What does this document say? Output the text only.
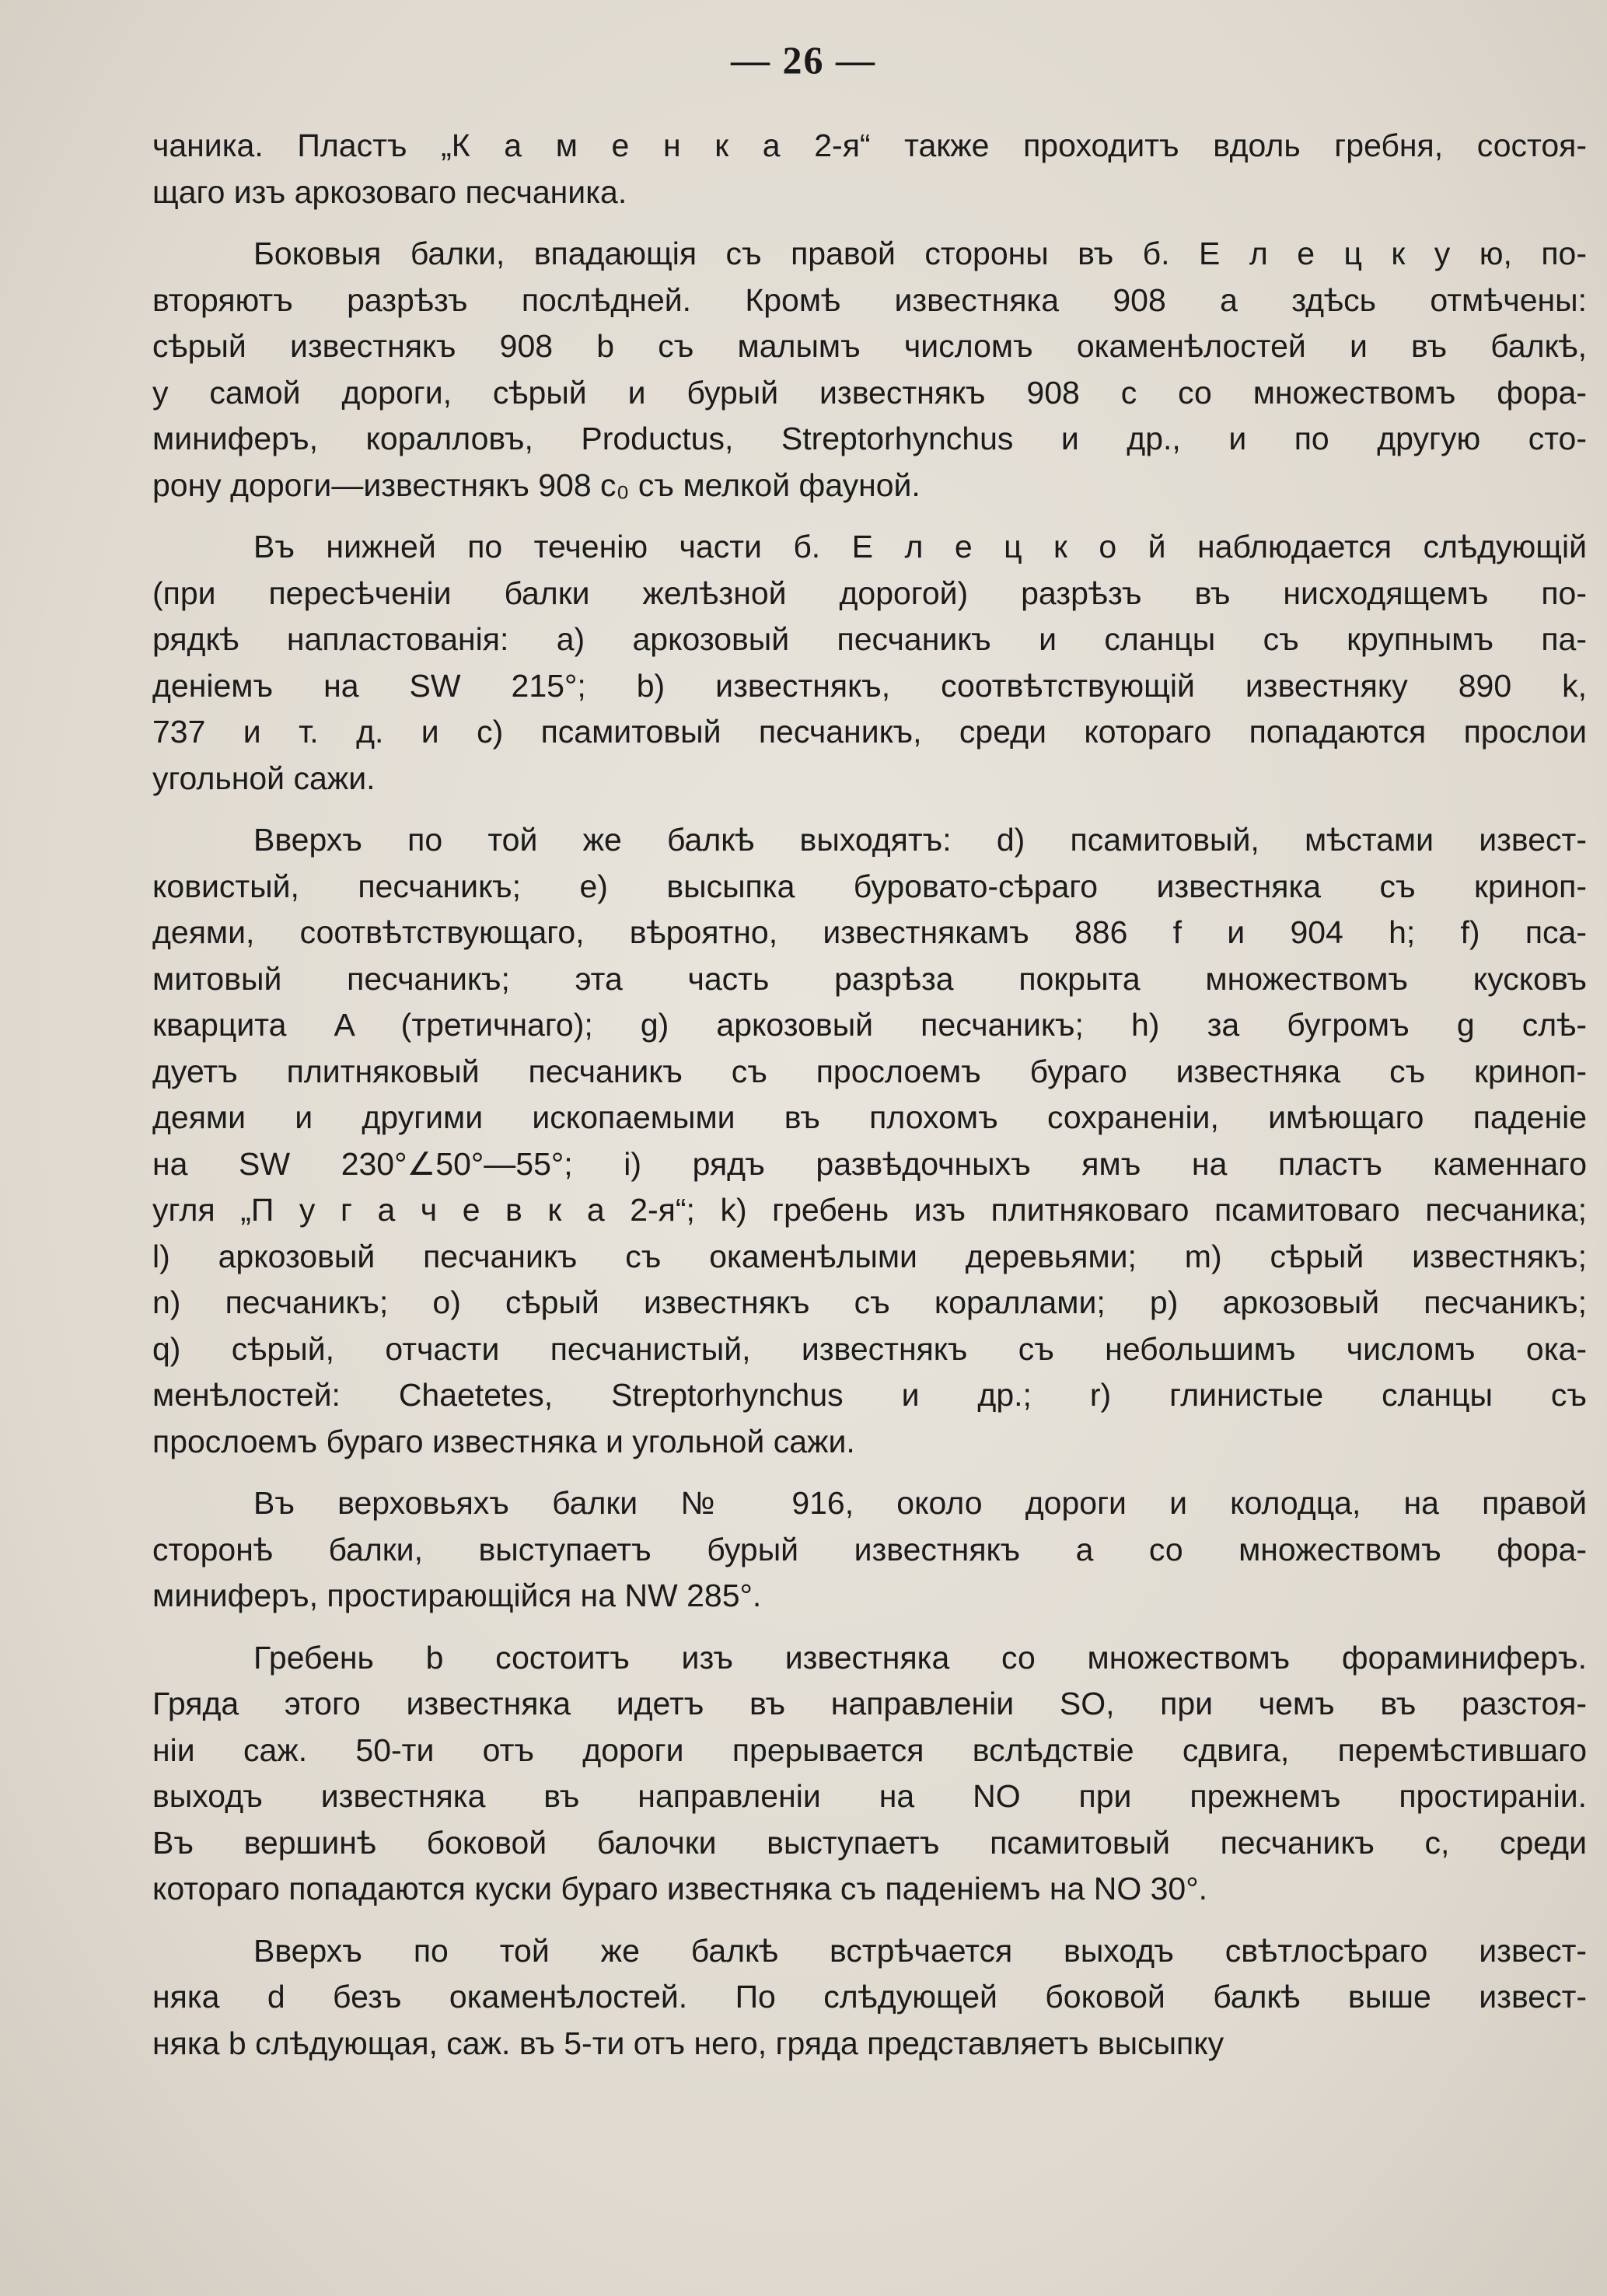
— 26 —
чаника. Пластъ „К а м е н к а 2-я“ также проходитъ вдоль гребня, состоя-
щаго изъ аркозоваго песчаника.
Боковыя балки, впадающія съ правой стороны въ б. Е л е ц к у ю, по-
вторяютъ разрѣзъ послѣдней. Кромѣ известняка 908 a здѣсь отмѣчены:
сѣрый известнякъ 908 b съ малымъ числомъ окаменѣлостей и въ балкѣ,
у самой дороги, сѣрый и бурый известнякъ 908 c со множествомъ фора-
миниферъ, коралловъ, Productus, Streptorhynchus и др., и по другую сто-
рону дороги—известнякъ 908 c₀ съ мелкой фауной.
Въ нижней по теченію части б. Е л е ц к о й наблюдается слѣдующій
(при пересѣченіи балки желѣзной дорогой) разрѣзъ въ нисходящемъ по-
рядкѣ напластованія: a) аркозовый песчаникъ и сланцы съ крупнымъ па-
деніемъ на SW 215°; b) известнякъ, соотвѣтствующій известняку 890 k,
737 и т. д. и c) псамитовый песчаникъ, среди котораго попадаются прослои
угольной сажи.
Вверхъ по той же балкѣ выходятъ: d) псамитовый, мѣстами извест-
ковистый, песчаникъ; e) высыпка буровато-сѣраго известняка съ криноп-
деями, соотвѣтствующаго, вѣроятно, известнякамъ 886 f и 904 h; f) пса-
митовый песчаникъ; эта часть разрѣза покрыта множествомъ кусковъ
кварцита A (третичнаго); g) аркозовый песчаникъ; h) за бугромъ g слѣ-
дуетъ плитняковый песчаникъ съ прослоемъ бураго известняка съ криноп-
деями и другими ископаемыми въ плохомъ сохраненіи, имѣющаго паденіе
на SW 230°∠50°—55°; i) рядъ развѣдочныхъ ямъ на пластъ каменнаго
угля „П у г а ч е в к а 2-я“; k) гребень изъ плитняковаго псамитоваго песчаника;
l) аркозовый песчаникъ съ окаменѣлыми деревьями; m) сѣрый известнякъ;
n) песчаникъ; o) сѣрый известнякъ съ кораллами; p) аркозовый песчаникъ;
q) сѣрый, отчасти песчанистый, известнякъ съ небольшимъ числомъ ока-
менѣлостей: Chaetetes, Streptorhynchus и др.; r) глинистые сланцы съ
прослоемъ бураго известняка и угольной сажи.
Въ верховьяхъ балки № 916, около дороги и колодца, на правой
сторонѣ балки, выступаетъ бурый известнякъ a со множествомъ фора-
миниферъ, простирающійся на NW 285°.
Гребень b состоитъ изъ известняка со множествомъ фораминиферъ.
Гряда этого известняка идетъ въ направленіи SO, при чемъ въ разстоя-
ніи саж. 50-ти отъ дороги прерывается вслѣдствіе сдвига, перемѣстившаго
выходъ известняка въ направленіи на NO при прежнемъ простираніи.
Въ вершинѣ боковой балочки выступаетъ псамитовый песчаникъ c, среди
котораго попадаются куски бураго известняка съ паденіемъ на NO 30°.
Вверхъ по той же балкѣ встрѣчается выходъ свѣтлосѣраго извест-
няка d безъ окаменѣлостей. По слѣдующей боковой балкѣ выше извест-
няка b слѣдующая, саж. въ 5-ти отъ него, гряда представляетъ высыпку
